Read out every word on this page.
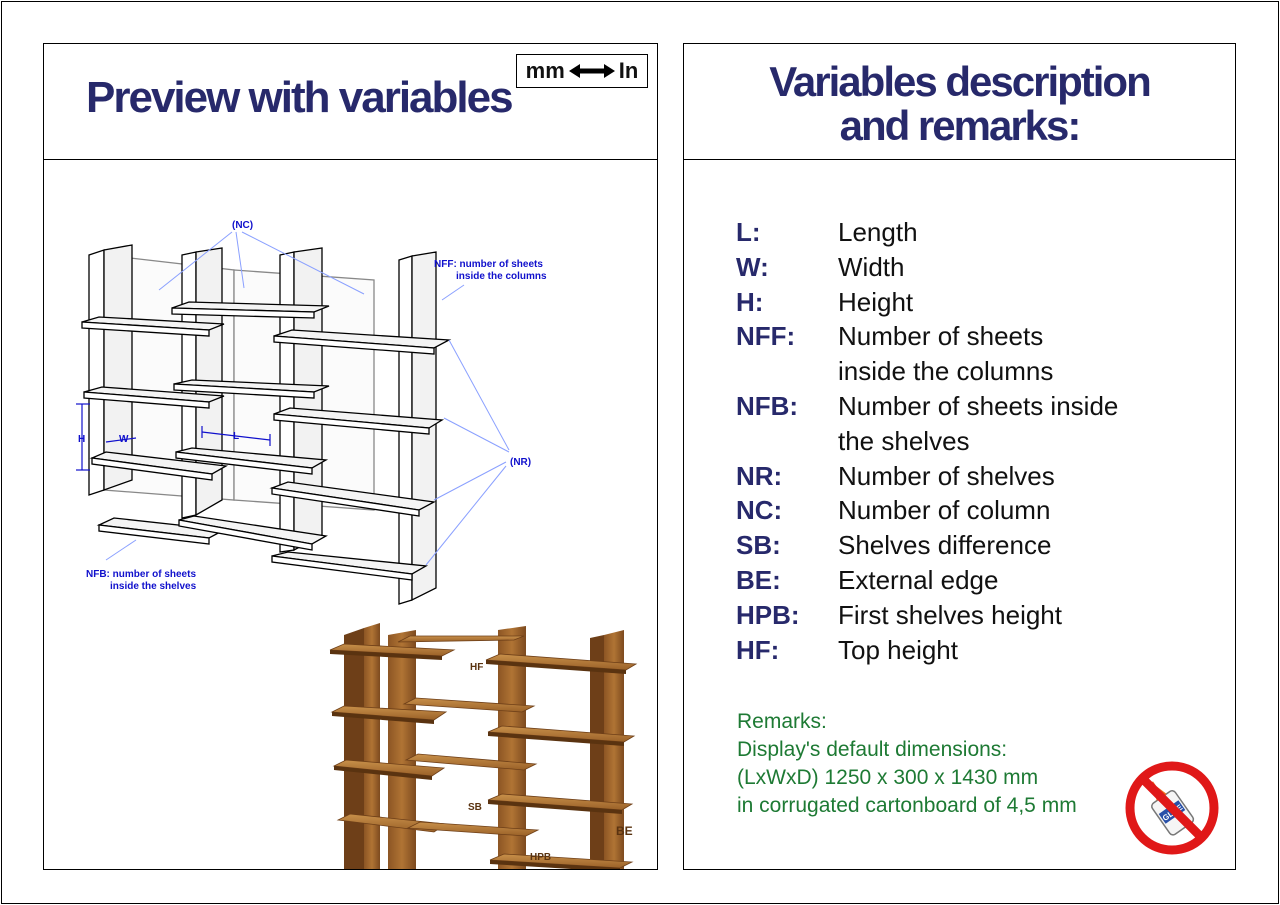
Preview with variables
mm In
(NC)
NFF: number of sheets
inside the columns
(NR)
NFB: number of sheets
inside the shelves
H	W	L
HF
SB
HPB
BE
Variables description
and remarks:
L:	Length
W:	Width
H:	Height
NFF:	Number of sheets inside the columns
NFB:	Number of sheets inside the shelves
NR:	Number of shelves
NC:	Number of column
SB:	Shelves difference
BE:	External edge
HPB:	First shelves height
HF:	Top height
Remarks:
Display's default dimensions:
(LxWxD) 1250 x 300 x 1430 mm
in corrugated cartonboard of 4,5 mm
